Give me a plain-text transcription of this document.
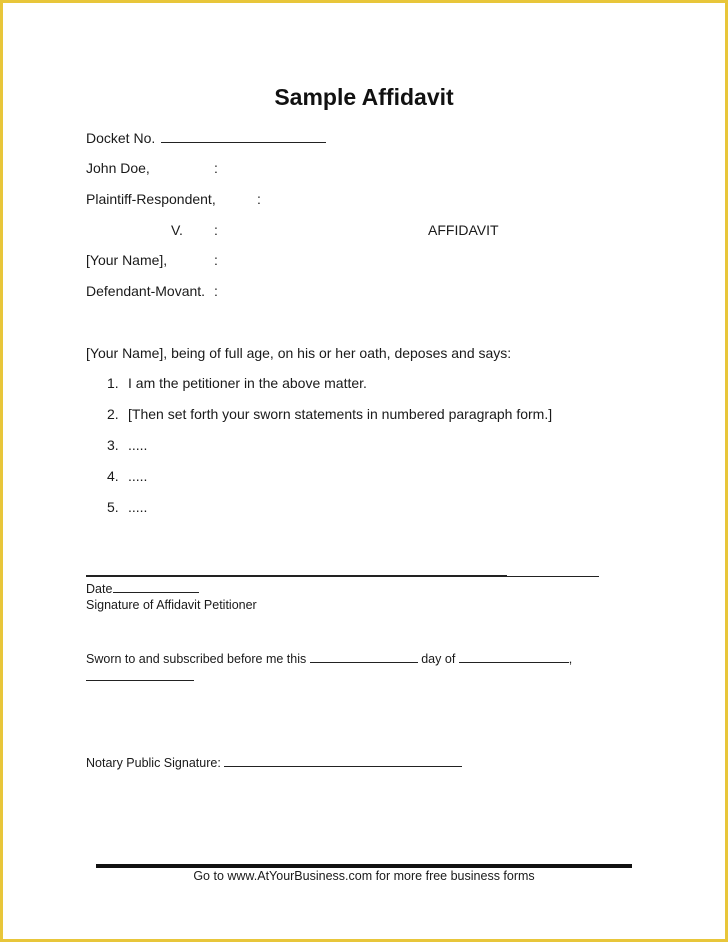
Sample Affidavit
Docket No.
John Doe,	:
Plaintiff-Respondent,	:
V. :	AFFIDAVIT
[Your Name],	:
Defendant-Movant. :
[Your Name], being of full age, on his or her oath, deposes and says:
1. I am the petitioner in the above matter.
2. [Then set forth your sworn statements in numbered paragraph form.]
3. .....
4. .....
5. .....
Date
Signature of Affidavit Petitioner
Sworn to and subscribed before me this	day of	,
Notary Public Signature:
Go to www.AtYourBusiness.com for more free business forms
